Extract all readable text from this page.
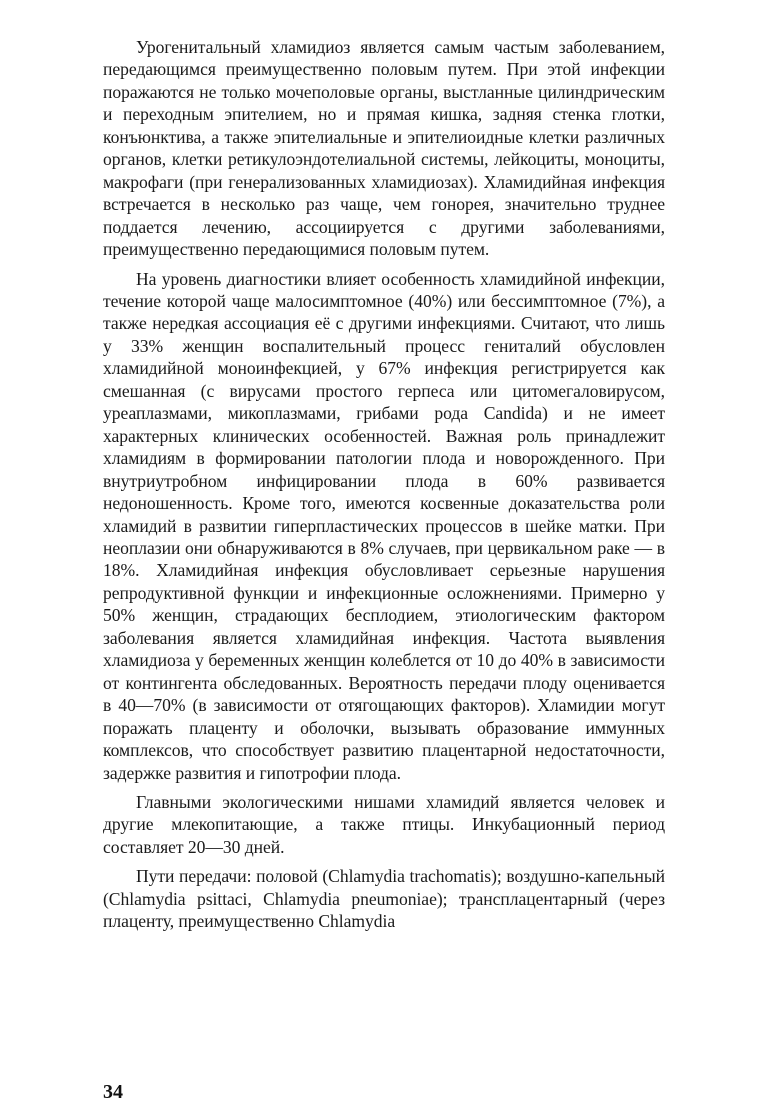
Урогенитальный хламидиоз является самым частым заболеванием, передающимся преимущественно половым путем. При этой инфекции поражаются не только мочеполовые органы, выстланные цилиндрическим и переходным эпителием, но и прямая кишка, задняя стенка глотки, конъюнктива, а также эпителиальные и эпителиоидные клетки различных органов, клетки ретикулоэндотелиальной системы, лейкоциты, моноциты, макрофаги (при генерализованных хламидиозах). Хламидийная инфекция встречается в несколько раз чаще, чем гонорея, значительно труднее поддается лечению, ассоциируется с другими заболеваниями, преимущественно передающимися половым путем.

На уровень диагностики влияет особенность хламидийной инфекции, течение которой чаще малосимптомное (40%) или бессимптомное (7%), а также нередкая ассоциация её с другими инфекциями. Считают, что лишь у 33% женщин воспалительный процесс гениталий обусловлен хламидийной моноинфекцией, у 67% инфекция регистрируется как смешанная (с вирусами простого герпеса или цитомегаловирусом, уреаплазмами, микоплазмами, грибами рода Candida) и не имеет характерных клинических особенностей. Важная роль принадлежит хламидиям в формировании патологии плода и новорожденного. При внутриутробном инфицировании плода в 60% развивается недоношенность. Кроме того, имеются косвенные доказательства роли хламидий в развитии гиперпластических процессов в шейке матки. При неоплазии они обнаруживаются в 8% случаев, при цервикальном раке — в 18%. Хламидийная инфекция обусловливает серьезные нарушения репродуктивной функции и инфекционные осложнениями. Примерно у 50% женщин, страдающих бесплодием, этиологическим фактором заболевания является хламидийная инфекция. Частота выявления хламидиоза у беременных женщин колеблется от 10 до 40% в зависимости от контингента обследованных. Вероятность передачи плоду оценивается в 40—70% (в зависимости от отягощающих факторов). Хламидии могут поражать плаценту и оболочки, вызывать образование иммунных комплексов, что способствует развитию плацентарной недостаточности, задержке развития и гипотрофии плода.

Главными экологическими нишами хламидий является человек и другие млекопитающие, а также птицы. Инкубационный период составляет 20—30 дней.

Пути передачи: половой (Chlamydia trachomatis); воздушно-капельный (Chlamydia psittaci, Chlamydia pneumoniae); трансплацентарный (через плаценту, преимущественно Chlamydia

34
